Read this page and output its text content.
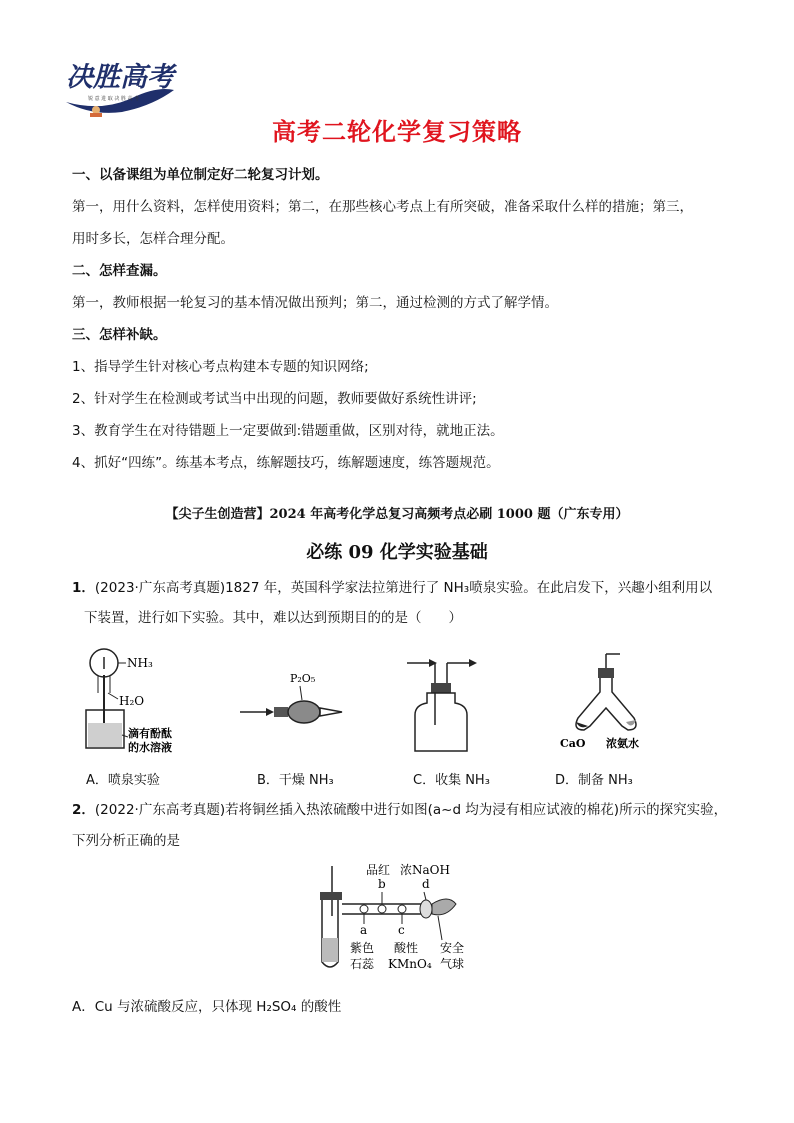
决胜高考
锐 意 进 取 决 胜 高 考
高考二轮化学复习策略
一、以备课组为单位制定好二轮复习计划。
第一，用什么资料，怎样使用资料；第二，在那些核心考点上有所突破，准备采取什么样的措施；第三，
用时多长，怎样合理分配。
二、怎样查漏。
第一，教师根据一轮复习的基本情况做出预判；第二，通过检测的方式了解学情。
三、怎样补缺。
1、指导学生针对核心考点构建本专题的知识网络;
2、针对学生在检测或考试当中出现的问题，教师要做好系统性讲评;
3、教育学生在对待错题上一定要做到:错题重做，区别对待，就地正法。
4、抓好“四练”。练基本考点，练解题技巧，练解题速度，练答题规范。
【尖子生创造营】2024 年高考化学总复习高频考点必刷 1000 题（广东专用）
必练 09 化学实验基础
1．(2023·广东高考真题)1827 年，英国科学家法拉第进行了 NH₃喷泉实验。在此启发下，兴趣小组利用以
下装置，进行如下实验。其中，难以达到预期目的的是（　　）
NH₃
H₂O
滴有酚酞
的水溶液
P₂O₅
CaO 浓氨水
A．喷泉实验	B．干燥 NH₃	C．收集 NH₃	D．制备 NH₃
2．(2022·广东高考真题)若将铜丝插入热浓硫酸中进行如图(a~d 均为浸有相应试液的棉花)所示的探究实验，
下列分析正确的是
品红 浓NaOH
b	d
a	c
紫色
石蕊
酸性
KMnO₄
安全
气球
A．Cu 与浓硫酸反应，只体现 H₂SO₄ 的酸性
